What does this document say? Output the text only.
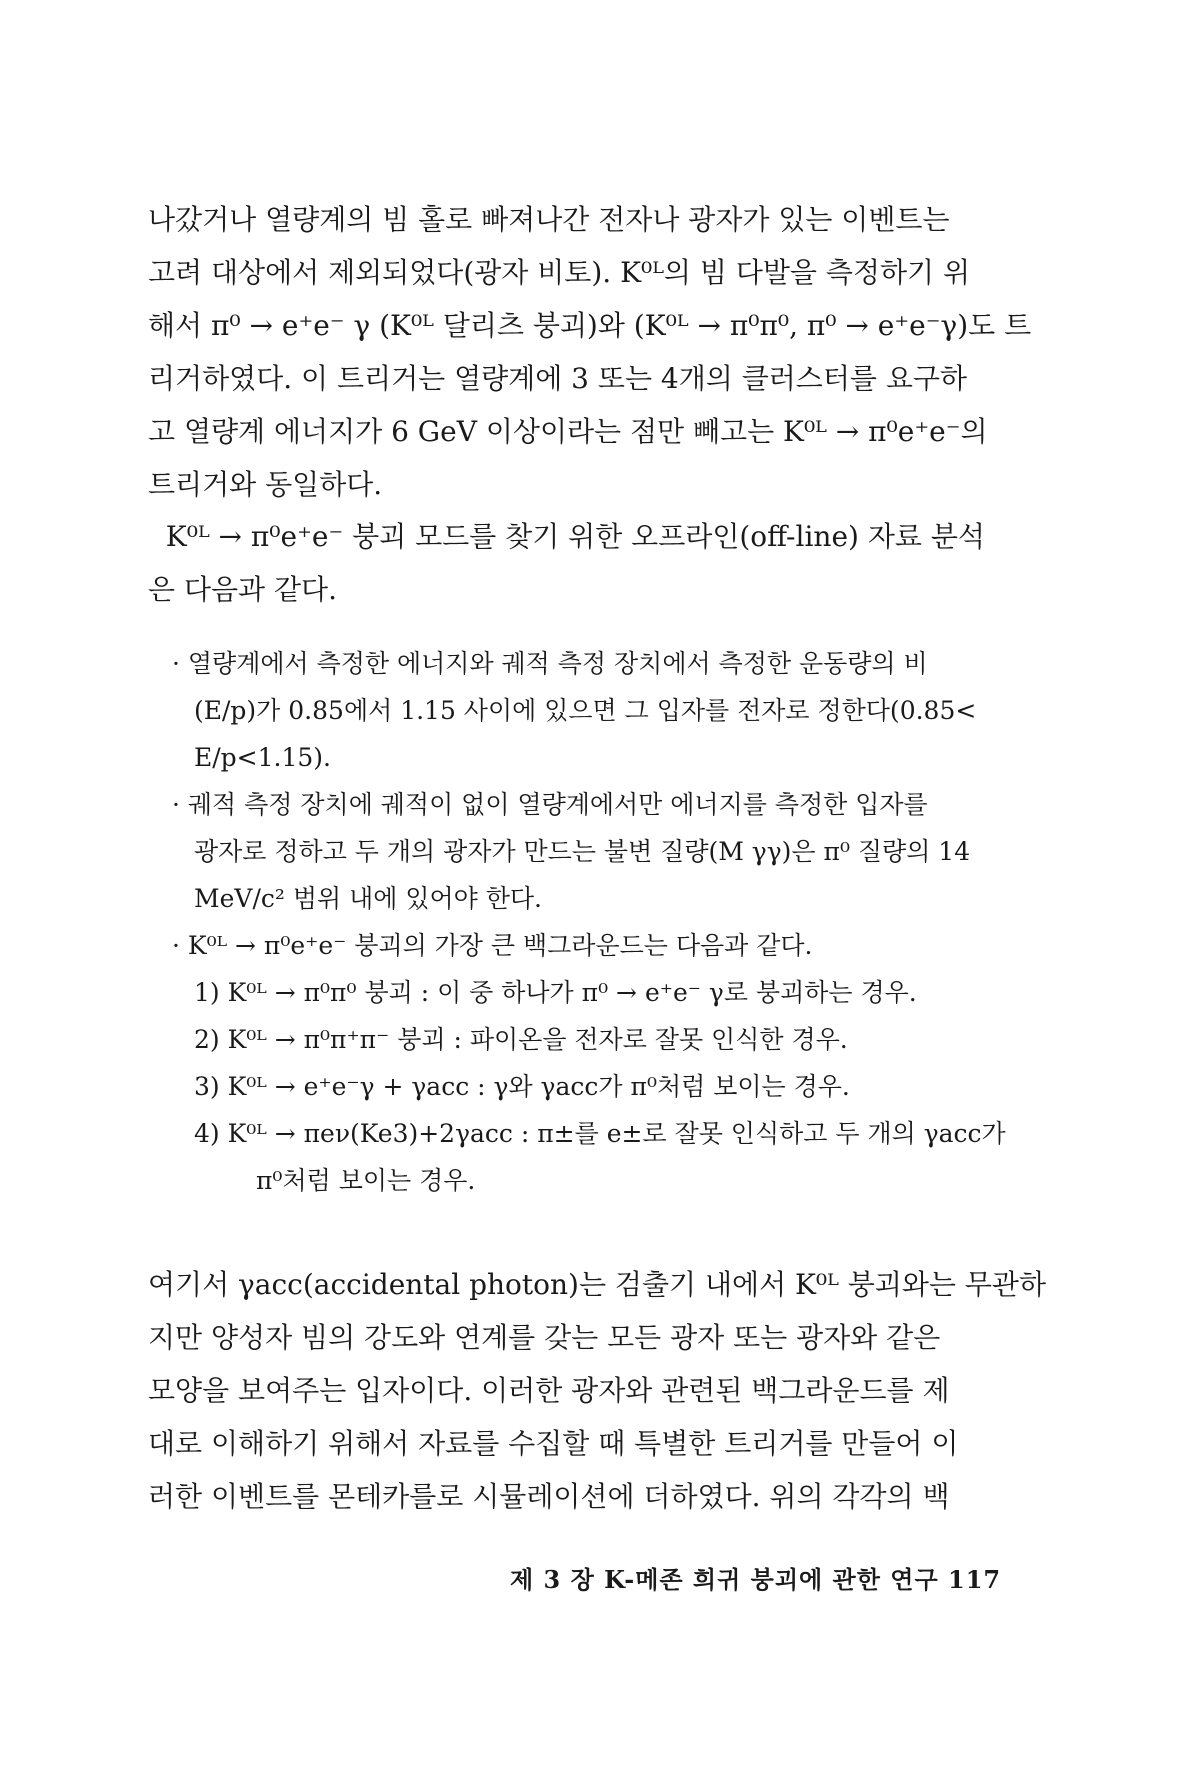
나갔거나 열량계의 빔 홀로 빠져나간 전자나 광자가 있는 이벤트는
고려 대상에서 제외되었다(광자 비토). K⁰ᴸ의 빔 다발을 측정하기 위
해서 π⁰ → e⁺e⁻ γ (K⁰ᴸ 달리츠 붕괴)와 (K⁰ᴸ → π⁰π⁰, π⁰ → e⁺e⁻γ)도 트
리거하였다. 이 트리거는 열량계에 3 또는 4개의 클러스터를 요구하
고 열량계 에너지가 6 GeV 이상이라는 점만 빼고는 K⁰ᴸ → π⁰e⁺e⁻의
트리거와 동일하다.

K⁰ᴸ → π⁰e⁺e⁻ 붕괴 모드를 찾기 위한 오프라인(off-line) 자료 분석
은 다음과 같다.

· 열량계에서 측정한 에너지와 궤적 측정 장치에서 측정한 운동량의 비
(E/p)가 0.85에서 1.15 사이에 있으면 그 입자를 전자로 정한다(0.85<
E/p<1.15).
· 궤적 측정 장치에 궤적이 없이 열량계에서만 에너지를 측정한 입자를
광자로 정하고 두 개의 광자가 만드는 불변 질량(M γγ)은 π⁰ 질량의 14
MeV/c² 범위 내에 있어야 한다.
· K⁰ᴸ → π⁰e⁺e⁻ 붕괴의 가장 큰 백그라운드는 다음과 같다.
1) K⁰ᴸ → π⁰π⁰ 붕괴 : 이 중 하나가 π⁰ → e⁺e⁻ γ로 붕괴하는 경우.
2) K⁰ᴸ → π⁰π⁺π⁻ 붕괴 : 파이온을 전자로 잘못 인식한 경우.
3) K⁰ᴸ → e⁺e⁻γ + γacc : γ와 γacc가 π⁰처럼 보이는 경우.
4) K⁰ᴸ → πeν(Ke3)+2γacc : π±를 e±로 잘못 인식하고 두 개의 γacc가
π⁰처럼 보이는 경우.

여기서 γacc(accidental photon)는 검출기 내에서 K⁰ᴸ 붕괴와는 무관하
지만 양성자 빔의 강도와 연계를 갖는 모든 광자 또는 광자와 같은
모양을 보여주는 입자이다. 이러한 광자와 관련된 백그라운드를 제
대로 이해하기 위해서 자료를 수집할 때 특별한 트리거를 만들어 이
러한 이벤트를 몬테카를로 시뮬레이션에 더하였다. 위의 각각의 백

제 3 장 K-메존 희귀 붕괴에 관한 연구 117
